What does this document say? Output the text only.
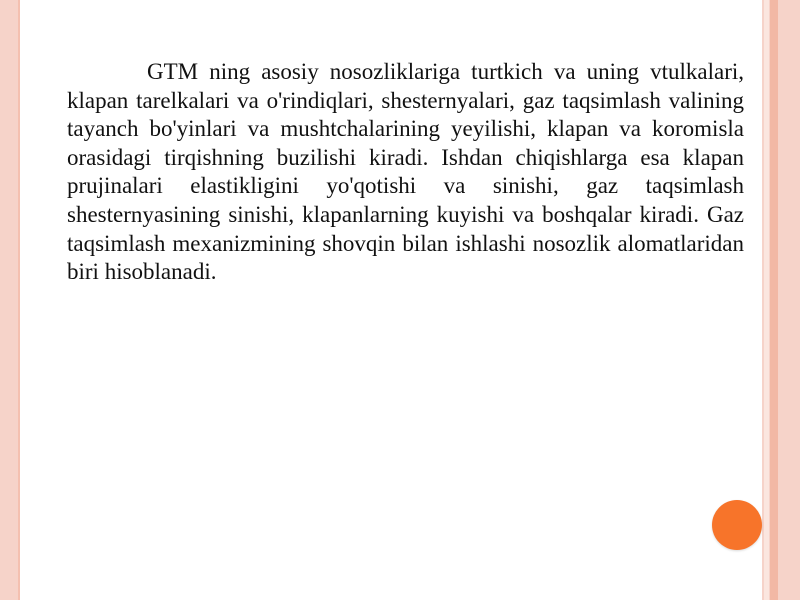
GTM ning asosiy nosozliklariga turtkich va uning vtulkalari, klapan tarelkalari va o'rindiqlari, shesternyalari, gaz taqsimlash valining tayanch bo'yinlari va mushtchalarining yeyilishi, klapan va koromisla orasidagi tirqishning buzilishi kiradi. Ishdan chiqishlarga esa klapan prujinalari elastikligini yo'qotishi va sinishi, gaz taqsimlash shesternyasining sinishi, klapanlarning kuyishi va boshqalar kiradi. Gaz taqsimlash mexanizmining shovqin bilan ishlashi nosozlik alomatlaridan biri hisoblanadi.
